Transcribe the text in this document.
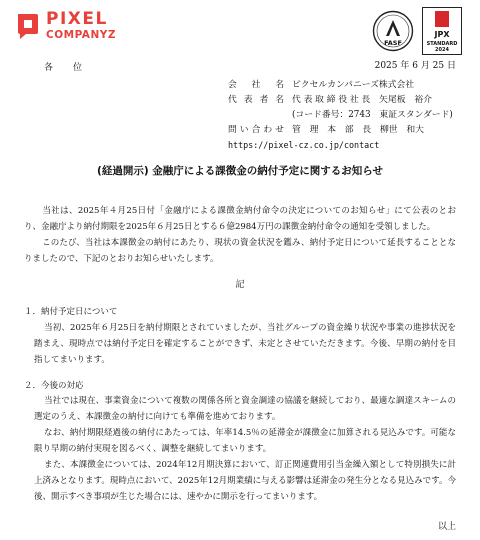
PIXEL
COMPANYZ
FASF
JPX
STANDARD
2024
各位	2025 年 6 月 25 日
会社名 ピクセルカンパニーズ株式会社
代表者名 代 表 取 締 役 社 長　矢尾板　裕介
(コード番号：2743　東証スタンダード)
問い合わせ 管　理　本　部　長　柳世　和大
https://pixel-cz.co.jp/contact
(経過開示) 金融庁による課徴金の納付予定に関するお知らせ
当社は、2025年４月25日付「金融庁による課徴金納付命令の決定についてのお知らせ」にて公表のとおり、金融庁より納付期限を2025年６月25日とする６億2984万円の課徴金納付命令の通知を受領しました。
このたび、当社は本課徴金の納付にあたり、現状の資金状況を鑑み、納付予定日について延長することとなりましたので、下記のとおりお知らせいたします。
記
１．納付予定日について
当初、2025年６月25日を納付期限とされていましたが、当社グループの資金繰り状況や事業の進捗状況を踏まえ、現時点では納付予定日を確定することができず、未定とさせていただきます。今後、早期の納付を目指してまいります。
２．今後の対応
当社では現在、事業資金について複数の関係各所と資金調達の協議を継続しており、最適な調達スキームの選定のうえ、本課徴金の納付に向けても準備を進めております。
なお、納付期限経過後の納付にあたっては、年率14.5％の延滞金が課徴金に加算される見込みです。可能な限り早期の納付実現を図るべく、調整を継続してまいります。
また、本課徴金については、2024年12月期決算において、訂正関連費用引当金繰入額として特別損失に計上済みとなります。現時点において、2025年12月期業績に与える影響は延滞金の発生分となる見込みです。今後、開示すべき事項が生じた場合には、速やかに開示を行ってまいります。
以上
